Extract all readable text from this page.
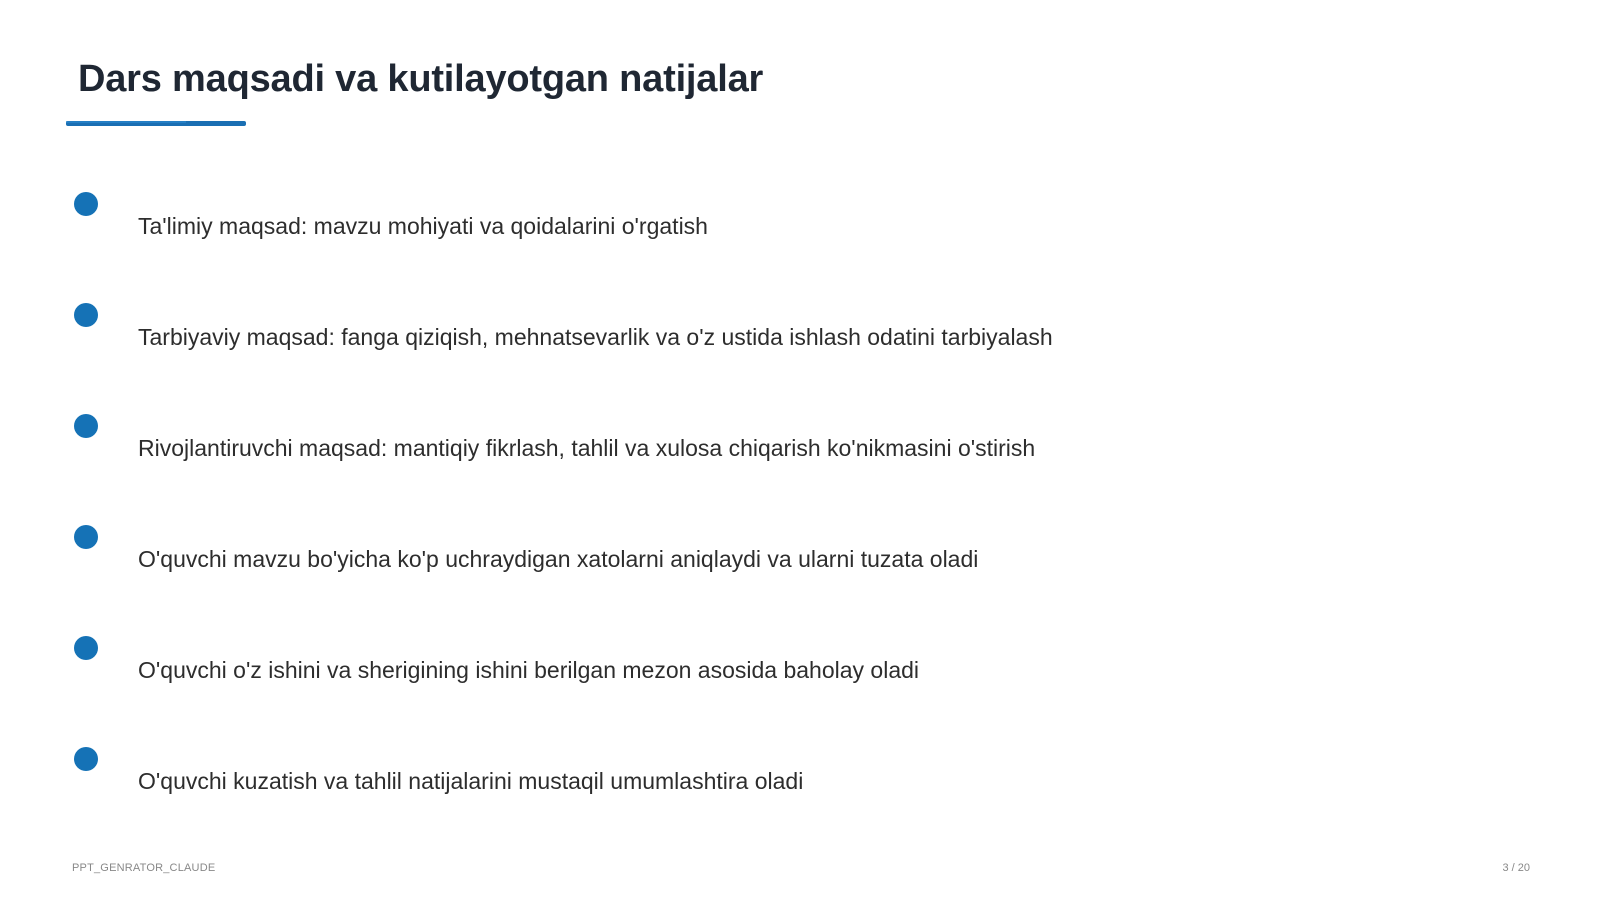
Dars maqsadi va kutilayotgan natijalar
Ta'limiy maqsad: mavzu mohiyati va qoidalarini o'rgatish
Tarbiyaviy maqsad: fanga qiziqish, mehnatsevarlik va o'z ustida ishlash odatini tarbiyalash
Rivojlantiruvchi maqsad: mantiqiy fikrlash, tahlil va xulosa chiqarish ko'nikmasini o'stirish
O'quvchi mavzu bo'yicha ko'p uchraydigan xatolarni aniqlaydi va ularni tuzata oladi
O'quvchi o'z ishini va sherigining ishini berilgan mezon asosida baholay oladi
O'quvchi kuzatish va tahlil natijalarini mustaqil umumlashtira oladi
PPT_GENRATOR_CLAUDE	3 / 20
